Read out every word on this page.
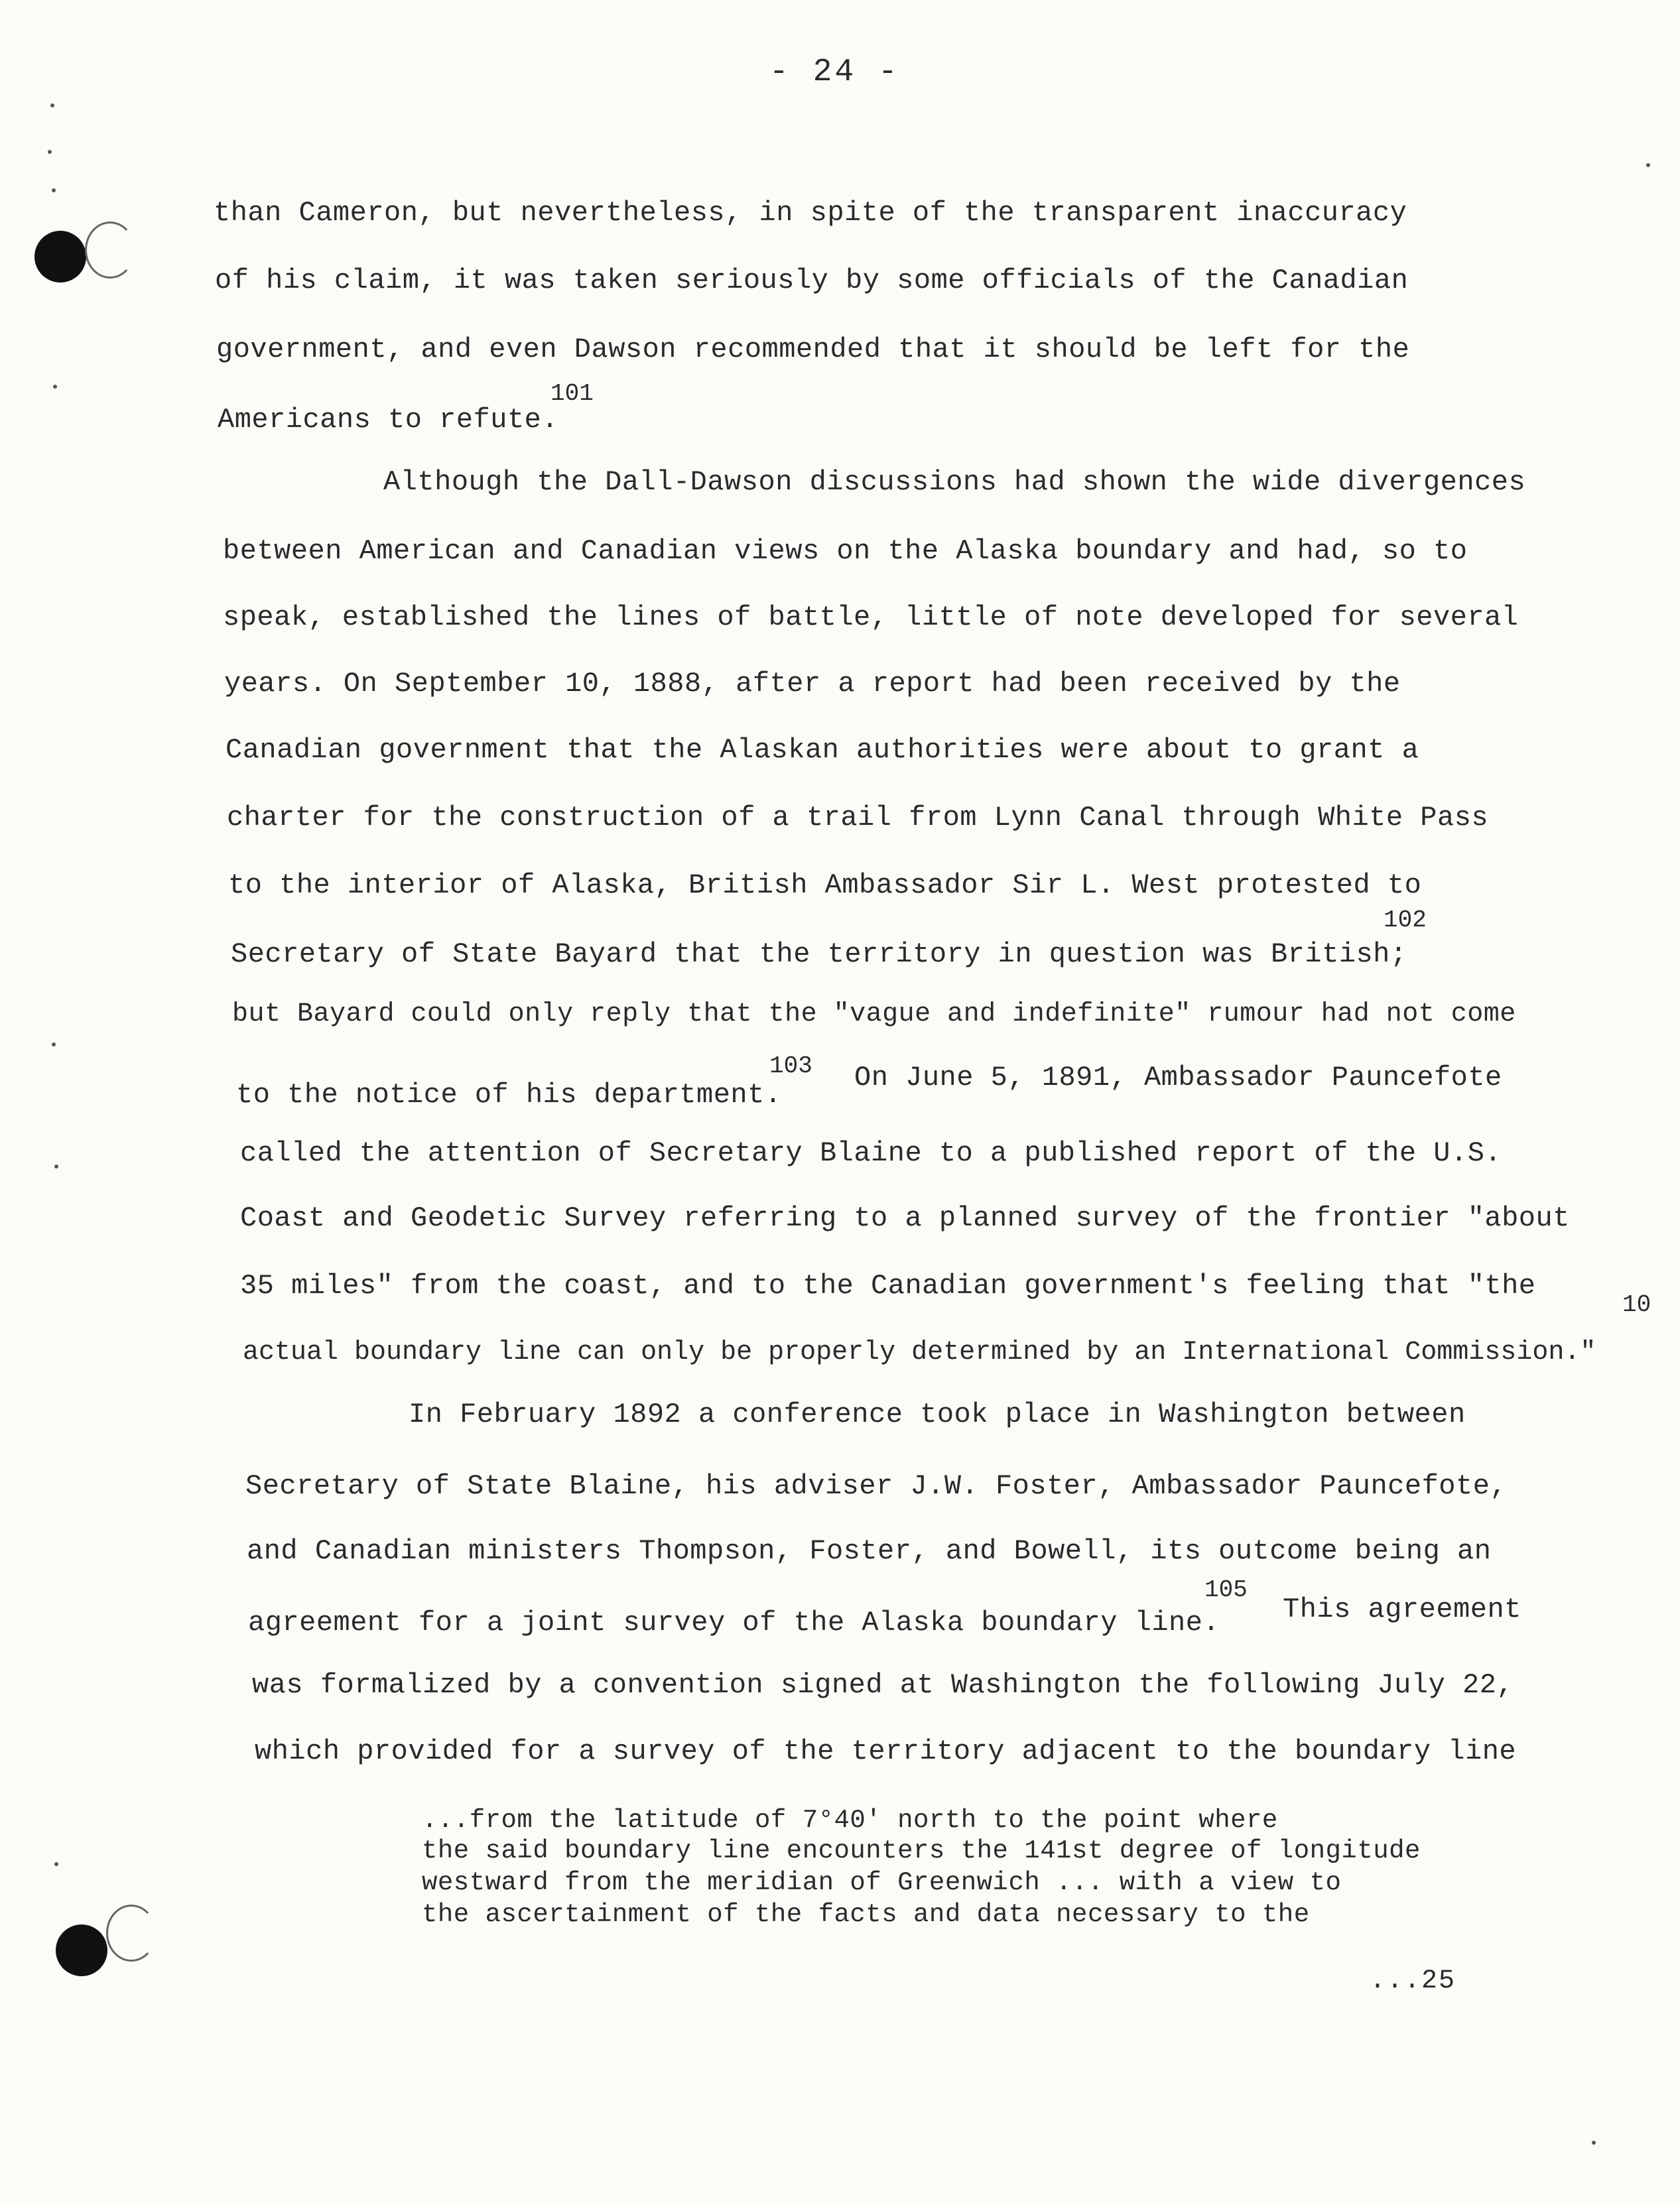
- 24 -
than Cameron, but nevertheless, in spite of the transparent inaccuracy
of his claim, it was taken seriously by some officials of the Canadian
government, and even Dawson recommended that it should be left for the
Americans to refute.
101
Although the Dall-Dawson discussions had shown the wide divergences
between American and Canadian views on the Alaska boundary and had, so to
speak, established the lines of battle, little of note developed for several
years. On September 10, 1888, after a report had been received by the
Canadian government that the Alaskan authorities were about to grant a
charter for the construction of a trail from Lynn Canal through White Pass
to the interior of Alaska, British Ambassador Sir L. West protested to
Secretary of State Bayard that the territory in question was British;
102
but Bayard could only reply that the "vague and indefinite" rumour had not come
to the notice of his department.
103 On June 5, 1891, Ambassador Pauncefote
called the attention of Secretary Blaine to a published report of the U.S.
Coast and Geodetic Survey referring to a planned survey of the frontier "about
35 miles" from the coast, and to the Canadian government's feeling that "the
10
actual boundary line can only be properly determined by an International Commission."
In February 1892 a conference took place in Washington between
Secretary of State Blaine, his adviser J.W. Foster, Ambassador Pauncefote,
and Canadian ministers Thompson, Foster, and Bowell, its outcome being an
agreement for a joint survey of the Alaska boundary line.
105
This agreement
was formalized by a convention signed at Washington the following July 22,
which provided for a survey of the territory adjacent to the boundary line
...from the latitude of 7°40' north to the point where
the said boundary line encounters the 141st degree of longitude
westward from the meridian of Greenwich ... with a view to
the ascertainment of the facts and data necessary to the
...25
